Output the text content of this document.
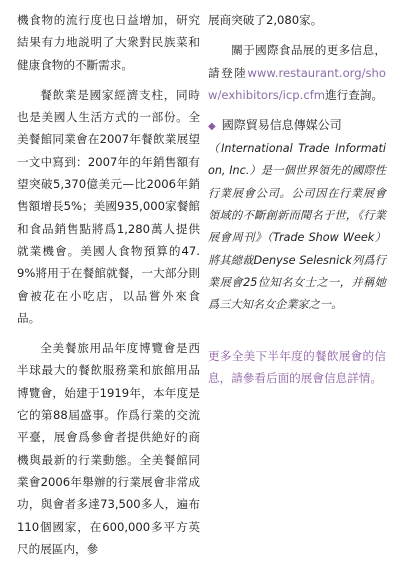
機食物的流行度也日益增加，研究結果有力地説明了大衆對民族菜和健康食物的不斷需求。

餐飲業是國家經濟支柱，同時也是美國人生活方式的一部份。全美餐館同業會在2007年餐飲業展望一文中寫到：2007年的年銷售額有望突破5,370億美元—比2006年銷售額增長5%；美國935,000家餐館和食品銷售點將爲1,280萬人提供就業機會。美國人食物預算的47.9%將用于在餐館就餐，一大部分則會被花在小吃店，以品嘗外來食品。

全美餐旅用品年度博覽會是西半球最大的餐飲服務業和旅館用品博覽會，始建于1919年，本年度是它的第88屆盛事。作爲行業的交流平臺，展會爲參會者提供絶好的商機與最新的行業動態。全美餐館同業會2006年舉辦的行業展會非常成功，與會者多達73,500多人，遍布110個國家，在600,000多平方英尺的展區内，參

展商突破了2,080家。

關于國際食品展的更多信息，請登陸www.restaurant.org/show/exhibitors/icp.cfm進行查詢。

◆ 國際貿易信息傳媒公司

（International Trade Information, Inc.）是一個世界領先的國際性行業展會公司。公司因在行業展會領域的不斷創新而聞名于世，《行業展會周刊》（Trade Show Week）將其總裁Denyse Selesnick列爲行業展會25位知名女士之一，并稱她爲三大知名女企業家之一。

更多全美下半年度的餐飲展會的信息，請參看后面的展會信息詳情。
